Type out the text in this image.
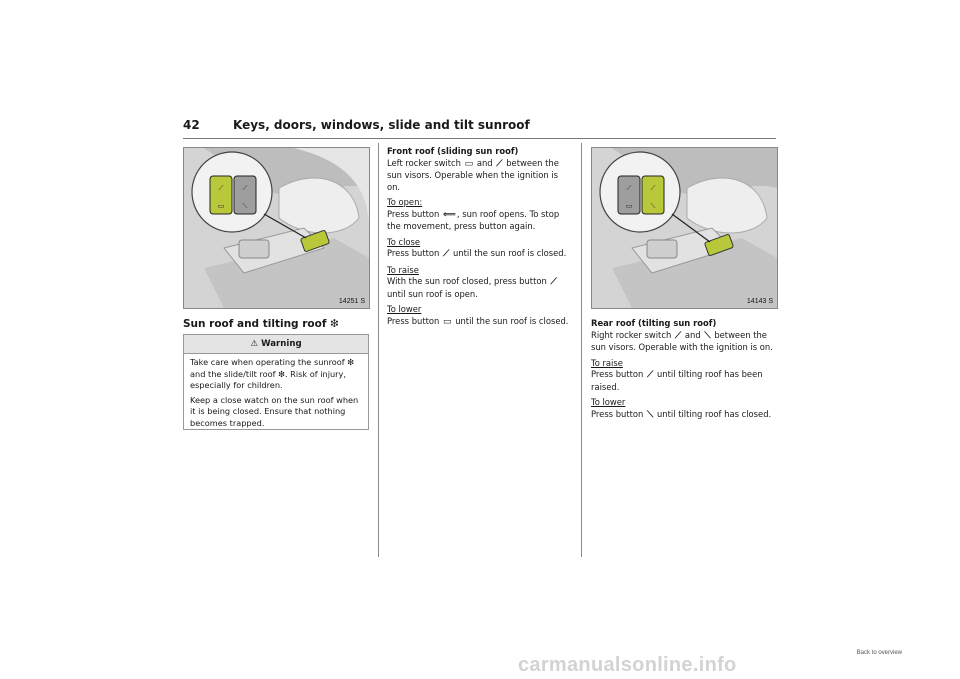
42	Keys, doors, windows, slide and tilt sunroof
⟋
▭
⟋
⟍
14251 S
Sun roof and tilting roof ❇
⚠ Warning

Take care when operating the sunroof ❇ and the slide/tilt roof ❇. Risk of injury, especially for children.

Keep a close watch on the sun roof when it is being closed. Ensure that nothing becomes trapped.

Front roof (sliding sun roof)

Left rocker switch ▭ and ⟋ between the sun visors. Operable when the ignition is on.

To open:

Press button ⟸, sun roof opens. To stop the movement, press button again.

To close

Press button ⟋ until the sun roof is closed.

To raise

With the sun roof closed, press button ⟋ until sun roof is open.

To lower

Press button ▭ until the sun roof is closed.

⟋
▭
⟋
⟍
14143 S

Rear roof (tilting sun roof)

Right rocker switch ⟋ and ⟍ between the sun visors. Operable with the ignition is on.

To raise

Press button ⟋ until tilting roof has been raised.

To lower

Press button ⟍ until tilting roof has closed.

Back to overview
carmanualsonline.info
